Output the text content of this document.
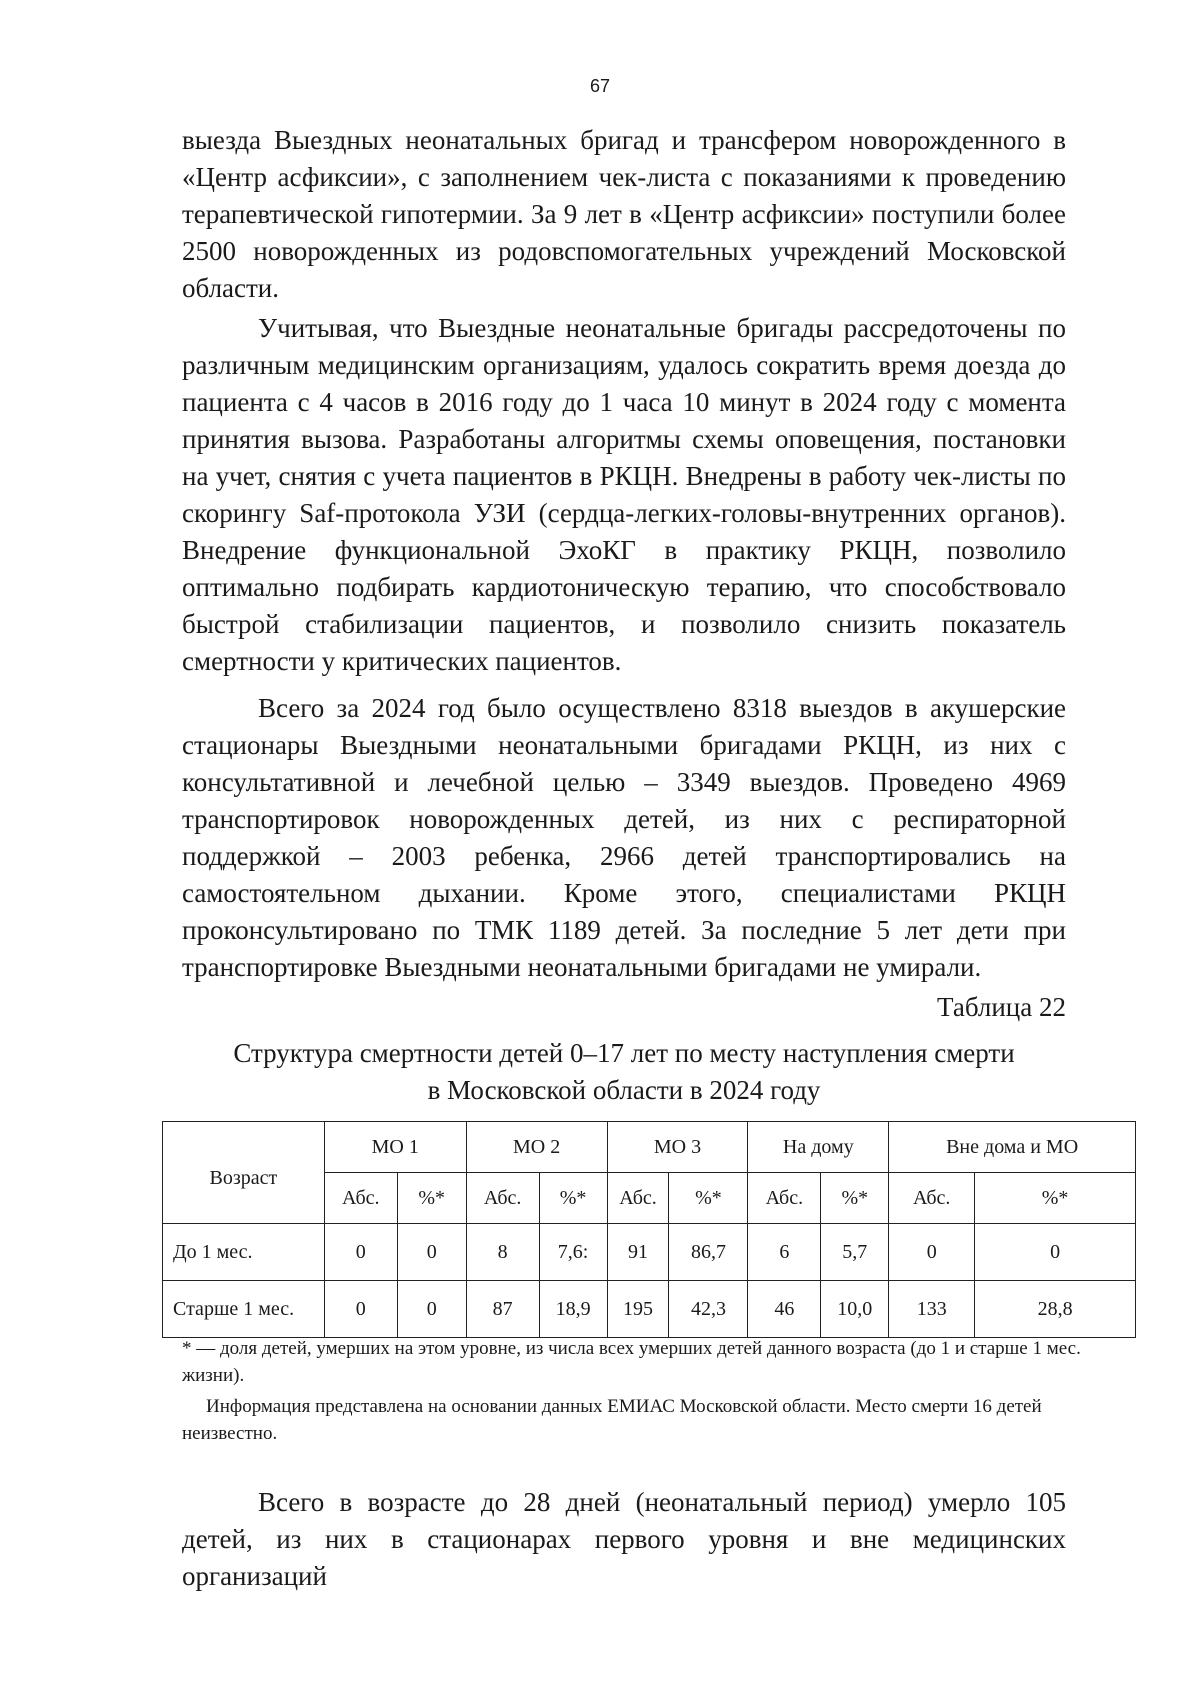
67

выезда Выездных неонатальных бригад и трансфером новорожденного в «Центр асфиксии», с заполнением чек-листа с показаниями к проведению терапевтической гипотермии. За 9 лет в «Центр асфиксии» поступили более 2500 новорожденных из родовспомогательных учреждений Московской области.

Учитывая, что Выездные неонатальные бригады рассредоточены по различным медицинским организациям, удалось сократить время доезда до пациента с 4 часов в 2016 году до 1 часа 10 минут в 2024 году с момента принятия вызова. Разработаны алгоритмы схемы оповещения, постановки на учет, снятия с учета пациентов в РКЦН. Внедрены в работу чек-листы по скорингу Saf-протокола УЗИ (сердца-легких-головы-внутренних органов). Внедрение функциональной ЭхоКГ в практику РКЦН, позволило оптимально подбирать кардиотоническую терапию, что способствовало быстрой стабилизации пациентов, и позволило снизить показатель смертности у критических пациентов.

Всего за 2024 год было осуществлено 8318 выездов в акушерские стационары Выездными неонатальными бригадами РКЦН, из них с консультативной и лечебной целью – 3349 выездов. Проведено 4969 транспортировок новорожденных детей, из них с респираторной поддержкой – 2003 ребенка, 2966 детей транспортировались на самостоятельном дыхании. Кроме этого, специалистами РКЦН проконсультировано по ТМК 1189 детей. За последние 5 лет дети при транспортировке Выездными неонатальными бригадами не умирали.

Таблица 22
Структура смертности детей 0–17 лет по месту наступления смерти
в Московской области в 2024 году
Возраст	МО 1		МО 2		МО 3		На дому		Вне дома и МО	
	Абс.	%*	Абс.	%*	Абс.	%*	Абс.	%*	Абс.	%*
До 1 мес.	0	0	8	7,6:	91	86,7	6	5,7	0	0
Старше 1 мес.	0	0	87	18,9	195	42,3	46	10,0	133	28,8

* — доля детей, умерших на этом уровне, из числа всех умерших детей данного возраста (до 1 и старше 1 мес. жизни).

Информация представлена на основании данных ЕМИАС Московской области. Место смерти 16 детей неизвестно.

Всего в возрасте до 28 дней (неонатальный период) умерло 105 детей, из них в стационарах первого уровня и вне медицинских организаций
